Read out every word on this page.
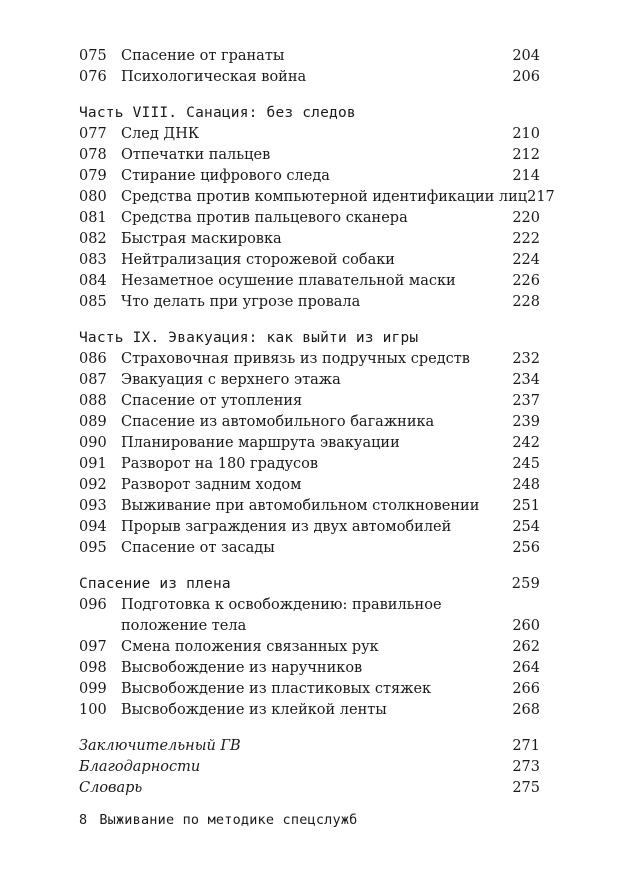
075 Спасение от гранаты	204
076 Психологическая война	206
Часть VIII. Санация: без следов
077 След ДНК	210
078 Отпечатки пальцев	212
079 Стирание цифрового следа	214
080 Средства против компьютерной идентификации лиц 217
081 Средства против пальцевого сканера	220
082 Быстрая маскировка	222
083 Нейтрализация сторожевой собаки	224
084 Незаметное осушение плавательной маски	226
085 Что делать при угрозе провала	228
Часть IX. Эвакуация: как выйти из игры
086 Страховочная привязь из подручных средств	232
087 Эвакуация с верхнего этажа	234
088 Спасение от утопления	237
089 Спасение из автомобильного багажника	239
090 Планирование маршрута эвакуации	242
091 Разворот на 180 градусов	245
092 Разворот задним ходом	248
093 Выживание при автомобильном столкновении	251
094 Прорыв заграждения из двух автомобилей	254
095 Спасение от засады	256
Спасение из плена	259
096 Подготовка к освобождению: правильное
положение тела	260
097 Смена положения связанных рук	262
098 Высвобождение из наручников	264
099 Высвобождение из пластиковых стяжек	266
100 Высвобождение из клейкой ленты	268
Заключительный ГВ	271
Благодарности	273
Словарь	275
8 Выживание по методике спецслужб
